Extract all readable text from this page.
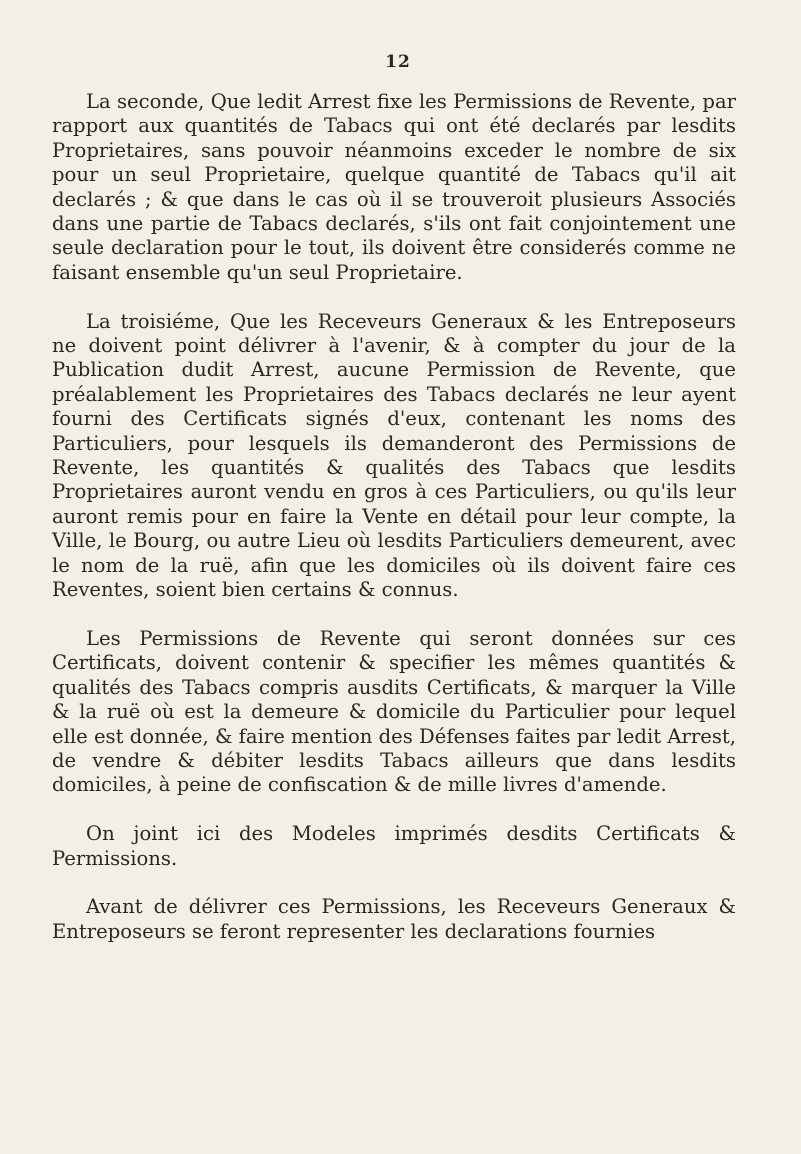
12

La seconde, Que ledit Arrest fixe les Permissions de Revente, par rapport aux quantités de Tabacs qui ont été declarés par lesdits Proprietaires, sans pouvoir néanmoins exceder le nombre de six pour un seul Proprietaire, quelque quantité de Tabacs qu'il ait declarés ; & que dans le cas où il se trouveroit plusieurs Associés dans une partie de Tabacs declarés, s'ils ont fait conjointement une seule declaration pour le tout, ils doivent être considerés comme ne faisant ensemble qu'un seul Proprietaire.

La troisiéme, Que les Receveurs Generaux & les Entreposeurs ne doivent point délivrer à l'avenir, & à compter du jour de la Publication dudit Arrest, aucune Permission de Revente, que préalablement les Proprietaires des Tabacs declarés ne leur ayent fourni des Certificats signés d'eux, contenant les noms des Particuliers, pour lesquels ils demanderont des Permissions de Revente, les quantités & qualités des Tabacs que lesdits Proprietaires auront vendu en gros à ces Particuliers, ou qu'ils leur auront remis pour en faire la Vente en détail pour leur compte, la Ville, le Bourg, ou autre Lieu où lesdits Particuliers demeurent, avec le nom de la ruë, afin que les domiciles où ils doivent faire ces Reventes, soient bien certains & connus.

Les Permissions de Revente qui seront données sur ces Certificats, doivent contenir & specifier les mêmes quantités & qualités des Tabacs compris ausdits Certificats, & marquer la Ville & la ruë où est la demeure & domicile du Particulier pour lequel elle est donnée, & faire mention des Défenses faites par ledit Arrest, de vendre & débiter lesdits Tabacs ailleurs que dans lesdits domiciles, à peine de confiscation & de mille livres d'amende.

On joint ici des Modeles imprimés desdits Certificats & Permissions.

Avant de délivrer ces Permissions, les Receveurs Generaux & Entreposeurs se feront representer les declarations fournies
